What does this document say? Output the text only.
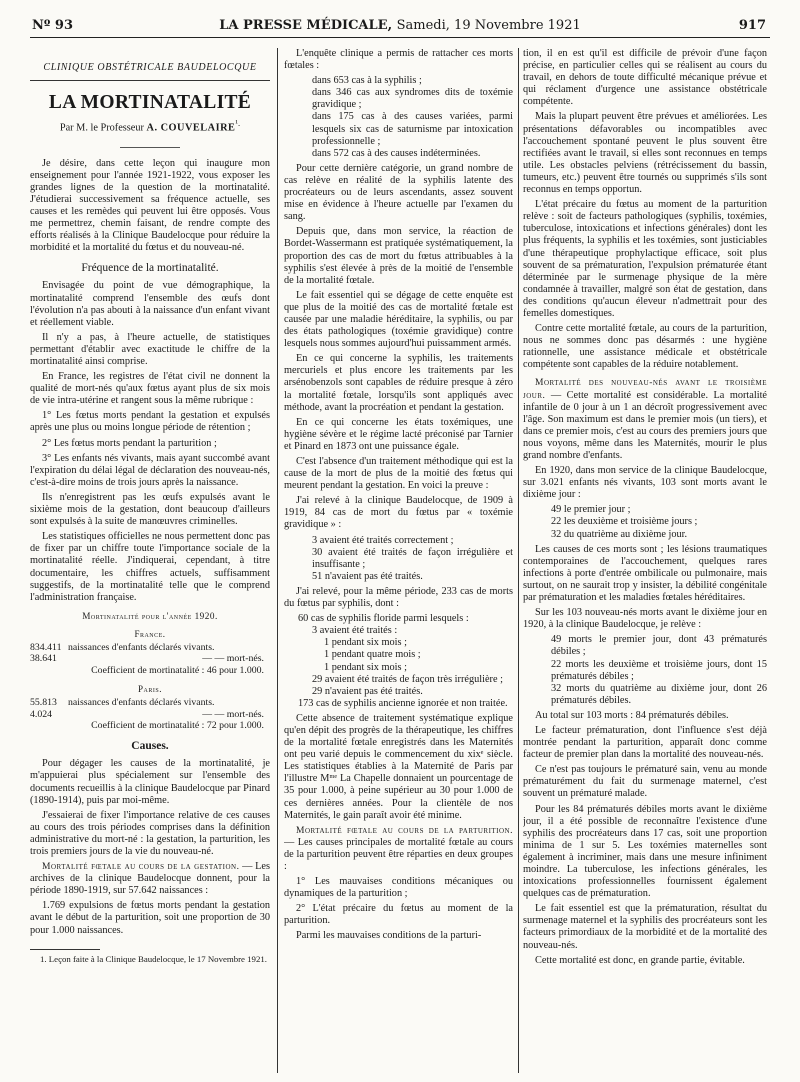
Nº 93	LA PRESSE MÉDICALE, Samedi, 19 Novembre 1921	917
CLINIQUE OBSTÉTRICALE BAUDELOCQUE
LA MORTINATALITÉ
Par M. le Professeur A. $COUVELAIRE^{^1.}$

Je désire, dans cette leçon qui inaugure mon enseignement pour l'année 1921-1922, vous exposer les grandes lignes de la question de la mortinatalité. J'étudierai successivement sa fréquence actuelle, ses causes et les remèdes qui peuvent lui être opposés. Vous me permettrez, chemin faisant, de rendre compte des efforts réalisés à la Clinique Baudelocque pour réduire la morbidité et la mortalité du fœtus et du nouveau-né.

Fréquence de la mortinatalité.

Envisagée du point de vue démographique, la mortinatalité comprend l'ensemble des œufs dont l'évolution n'a pas abouti à la naissance d'un enfant vivant et réellement viable.

Il n'y a pas, à l'heure actuelle, de statistiques permettant d'établir avec exactitude le chiffre de la mortinatalité ainsi comprise.

En France, les registres de l'état civil ne donnent la qualité de mort-nés qu'aux fœtus ayant plus de six mois de vie intra-utérine et rangent sous la même rubrique :

1° Les fœtus morts pendant la gestation et expulsés après une plus ou moins longue période de rétention ;

2° Les fœtus morts pendant la parturition ;

3° Les enfants nés vivants, mais ayant succombé avant l'expiration du délai légal de déclaration des nouveau-nés, c'est-à-dire moins de trois jours après la naissance.

Ils n'enregistrent pas les œufs expulsés avant le sixième mois de la gestation, dont beaucoup d'ailleurs sont expulsés à la suite de manœuvres criminelles.

Les statistiques officielles ne nous permettent donc pas de fixer par un chiffre toute l'importance sociale de la mortinatalité réelle. J'indiquerai, cependant, à titre documentaire, les chiffres actuels, suffisamment suggestifs, de la mortinatalité telle que le comprend l'administration française.

Mortinatalité pour l'année 1920.
France.
834.411 naissances d'enfants déclarés vivants.
38.641	— — mort-nés.
Coefficient de mortinatalité : 46 pour 1.000.
Paris.
55.813	naissances d'enfants déclarés vivants.
4.024	— — mort-nés.
Coefficient de mortinatalité : 72 pour 1.000.
Causes.

Pour dégager les causes de la mortinatalité, je m'appuierai plus spécialement sur l'ensemble des documents recueillis à la clinique Baudelocque par Pinard (1890-1914), puis par moi-même.

J'essaierai de fixer l'importance relative de ces causes au cours des trois périodes comprises dans la définition administrative du mort-né : la gestation, la parturition, les trois premiers jours de la vie du nouveau-né.

Mortalité fœtale au cours de la gestation. — Les archives de la clinique Baudelocque donnent, pour la période 1890-1919, sur 57.642 naissances :

1.769 expulsions de fœtus morts pendant la gestation avant le début de la parturition, soit une proportion de 30 pour 1.000 naissances.

1. Leçon faite à la Clinique Baudelocque, le 17 Novembre 1921.

L'enquête clinique a permis de rattacher ces morts fœtales :

dans 653 cas à la syphilis ;

dans 346 cas aux syndromes dits de toxémie gravidique ;

dans 175 cas à des causes variées, parmi lesquels six cas de saturnisme par intoxication professionnelle ;

dans 572 cas à des causes indéterminées.

Pour cette dernière catégorie, un grand nombre de cas relève en réalité de la syphilis latente des procréateurs ou de leurs ascendants, assez souvent mise en évidence à l'heure actuelle par l'examen du sang.

Depuis que, dans mon service, la réaction de Bordet-Wassermann est pratiquée systématiquement, la proportion des cas de mort du fœtus attribuables à la syphilis s'est élevée à près de la moitié de l'ensemble de la mortalité fœtale.

Le fait essentiel qui se dégage de cette enquête est que plus de la moitié des cas de mortalité fœtale est causée par une maladie héréditaire, la syphilis, ou par des états pathologiques (toxémie gravidique) contre lesquels nous sommes aujourd'hui puissamment armés.

En ce qui concerne la syphilis, les traitements mercuriels et plus encore les traitements par les arsénobenzols sont capables de réduire presque à zéro la mortalité fœtale, lorsqu'ils sont appliqués avec méthode, avant la procréation et pendant la gestation.

En ce qui concerne les états toxémiques, une hygiène sévère et le régime lacté préconisé par Tarnier et Pinard en 1873 ont une puissance égale.

C'est l'absence d'un traitement méthodique qui est la cause de la mort de plus de la moitié des fœtus qui meurent pendant la gestation. En voici la preuve :

J'ai relevé à la clinique Baudelocque, de 1909 à 1919, 84 cas de mort du fœtus par « toxémie gravidique » :

3 avaient été traités correctement ;

30 avaient été traités de façon irrégulière et insuffisante ;

51 n'avaient pas été traités.

J'ai relevé, pour la même période, 233 cas de morts du fœtus par syphilis, dont :

60 cas de syphilis floride parmi lesquels :

3 avaient été traités :

1 pendant six mois ;

1 pendant quatre mois ;

1 pendant six mois ;

29 avaient été traités de façon très irrégulière ;

29 n'avaient pas été traités.

173 cas de syphilis ancienne ignorée et non traitée.

Cette absence de traitement systématique explique qu'en dépit des progrès de la thérapeutique, les chiffres de la mortalité fœtale enregistrés dans les Maternités ont peu varié depuis le commencement du xixᵉ siècle. Les statistiques établies à la Maternité de Paris par l'illustre Mᵐᵉ La Chapelle donnaient un pourcentage de 35 pour 1.000, à peine supérieur au 30 pour 1.000 de ces dernières années. Pour la clientèle de nos Maternités, le gain paraît avoir été minime.

Mortalité fœtale au cours de la parturition. — Les causes principales de mortalité fœtale au cours de la parturition peuvent être réparties en deux groupes :

1° Les mauvaises conditions mécaniques ou dynamiques de la parturition ;

2° L'état précaire du fœtus au moment de la parturition.

Parmi les mauvaises conditions de la parturi-

tion, il en est qu'il est difficile de prévoir d'une façon précise, en particulier celles qui se réalisent au cours du travail, en dehors de toute difficulté mécanique prévue et qui réclament d'urgence une assistance obstétricale compétente.

Mais la plupart peuvent être prévues et améliorées. Les présentations défavorables ou incompatibles avec l'accouchement spontané peuvent le plus souvent être rectifiées avant le travail, si elles sont reconnues en temps utile. Les obstacles pelviens (rétrécissement du bassin, tumeurs, etc.) peuvent être tournés ou supprimés s'ils sont reconnus en temps opportun.

L'état précaire du fœtus au moment de la parturition relève : soit de facteurs pathologiques (syphilis, toxémies, tuberculose, intoxications et infections générales) dont les plus fréquents, la syphilis et les toxémies, sont justiciables d'une thérapeutique prophylactique efficace, soit plus souvent de sa prématuration, l'expulsion prématurée étant déterminée par le surmenage physique de la mère condamnée à travailler, malgré son état de gestation, dans des conditions qu'aucun éleveur n'admettrait pour des femelles domestiques.

Contre cette mortalité fœtale, au cours de la parturition, nous ne sommes donc pas désarmés : une hygiène rationnelle, une assistance médicale et obstétricale compétente sont capables de la réduire notablement.

Mortalité des nouveau-nés avant le troisième jour. — Cette mortalité est considérable. La mortalité infantile de 0 jour à un 1 an décroît progressivement avec l'âge. Son maximum est dans le premier mois (un tiers), et dans ce premier mois, c'est au cours des premiers jours que nous voyons, même dans les Maternités, mourir le plus grand nombre d'enfants.

En 1920, dans mon service de la clinique Baudelocque, sur 3.021 enfants nés vivants, 103 sont morts avant le dixième jour :

49 le premier jour ;

22 les deuxième et troisième jours ;

32 du quatrième au dixième jour.

Les causes de ces morts sont ; les lésions traumatiques contemporaines de l'accouchement, quelques rares infections à porte d'entrée ombilicale ou pulmonaire, mais surtout, on ne saurait trop y insister, la débilité congénitale par prématuration et les maladies fœtales héréditaires.

Sur les 103 nouveau-nés morts avant le dixième jour en 1920, à la clinique Baudelocque, je relève :

49 morts le premier jour, dont 43 prématurés débiles ;

22 morts les deuxième et troisième jours, dont 15 prématurés débiles ;

32 morts du quatrième au dixième jour, dont 26 prématurés débiles.

Au total sur 103 morts : 84 prématurés débiles.

Le facteur prématuration, dont l'influence s'est déjà montrée pendant la parturition, apparaît donc comme facteur de premier plan dans la mortalité des nouveau-nés.

Ce n'est pas toujours le prématuré sain, venu au monde prématurément du fait du surmenage maternel, c'est souvent un prématuré malade.

Pour les 84 prématurés débiles morts avant le dixième jour, il a été possible de reconnaître l'existence d'une syphilis des procréateurs dans 17 cas, soit une proportion minima de 1 sur 5. Les toxémies maternelles sont également à incriminer, mais dans une mesure infiniment moindre. La tuberculose, les infections générales, les intoxications professionnelles fournissent également quelques cas de prématuration.

Le fait essentiel est que la prématuration, résultat du surmenage maternel et la syphilis des procréateurs sont les facteurs primordiaux de la morbidité et de la mortalité des nouveau-nés.

Cette mortalité est donc, en grande partie, évitable.
